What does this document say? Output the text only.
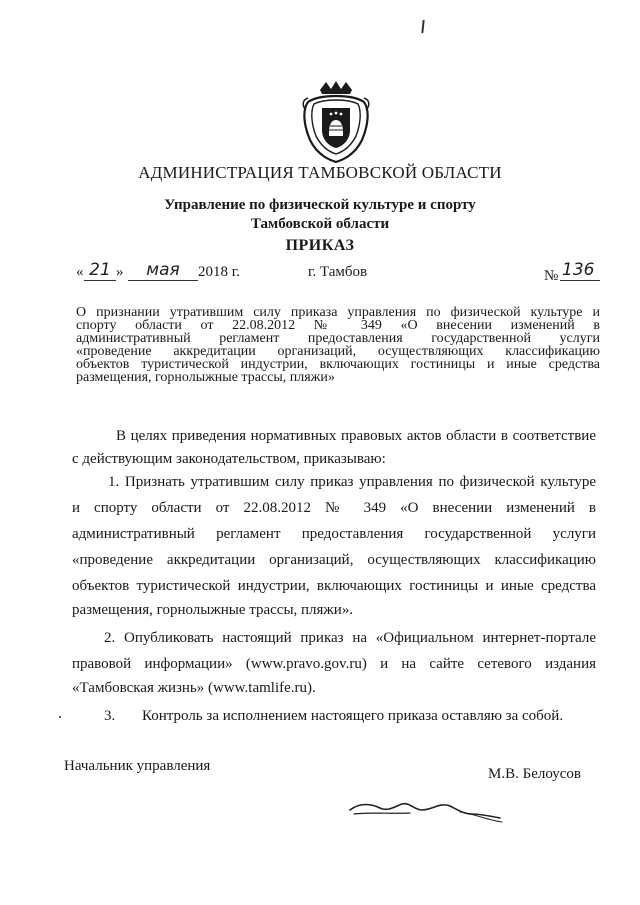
АДМИНИСТРАЦИЯ ТАМБОВСКОЙ ОБЛАСТИ
Управление по физической культуре и спорту
Тамбовской области
ПРИКАЗ
« 21 »	мая	2018 г.	г. Тамбов	№ 136
О признании утратившим силу приказа управления по физической культуре и
спорту области от 22.08.2012 № 349 «О внесении изменений в
административный регламент предоставления государственной услуги
«проведение аккредитации организаций, осуществляющих классификацию
объектов туристической индустрии, включающих гостиницы и иные средства
размещения, горнолыжные трассы, пляжи»
В целях приведения нормативных правовых актов области в соответствие
с действующим законодательством, приказываю:
1. Признать утратившим силу приказ управления по физической культуре
и спорту области от 22.08.2012 № 349 «О внесении изменений в
административный регламент предоставления государственной услуги
«проведение аккредитации организаций, осуществляющих классификацию
объектов туристической индустрии, включающих гостиницы и иные средства
размещения, горнолыжные трассы, пляжи».
2. Опубликовать настоящий приказ на «Официальном интернет-портале
правовой информации» (www.pravo.gov.ru) и на сайте сетевого издания
«Тамбовская жизнь» (www.tamlife.ru).
3. Контроль за исполнением настоящего приказа оставляю за собой.
Начальник управления	М.В. Белоусов
